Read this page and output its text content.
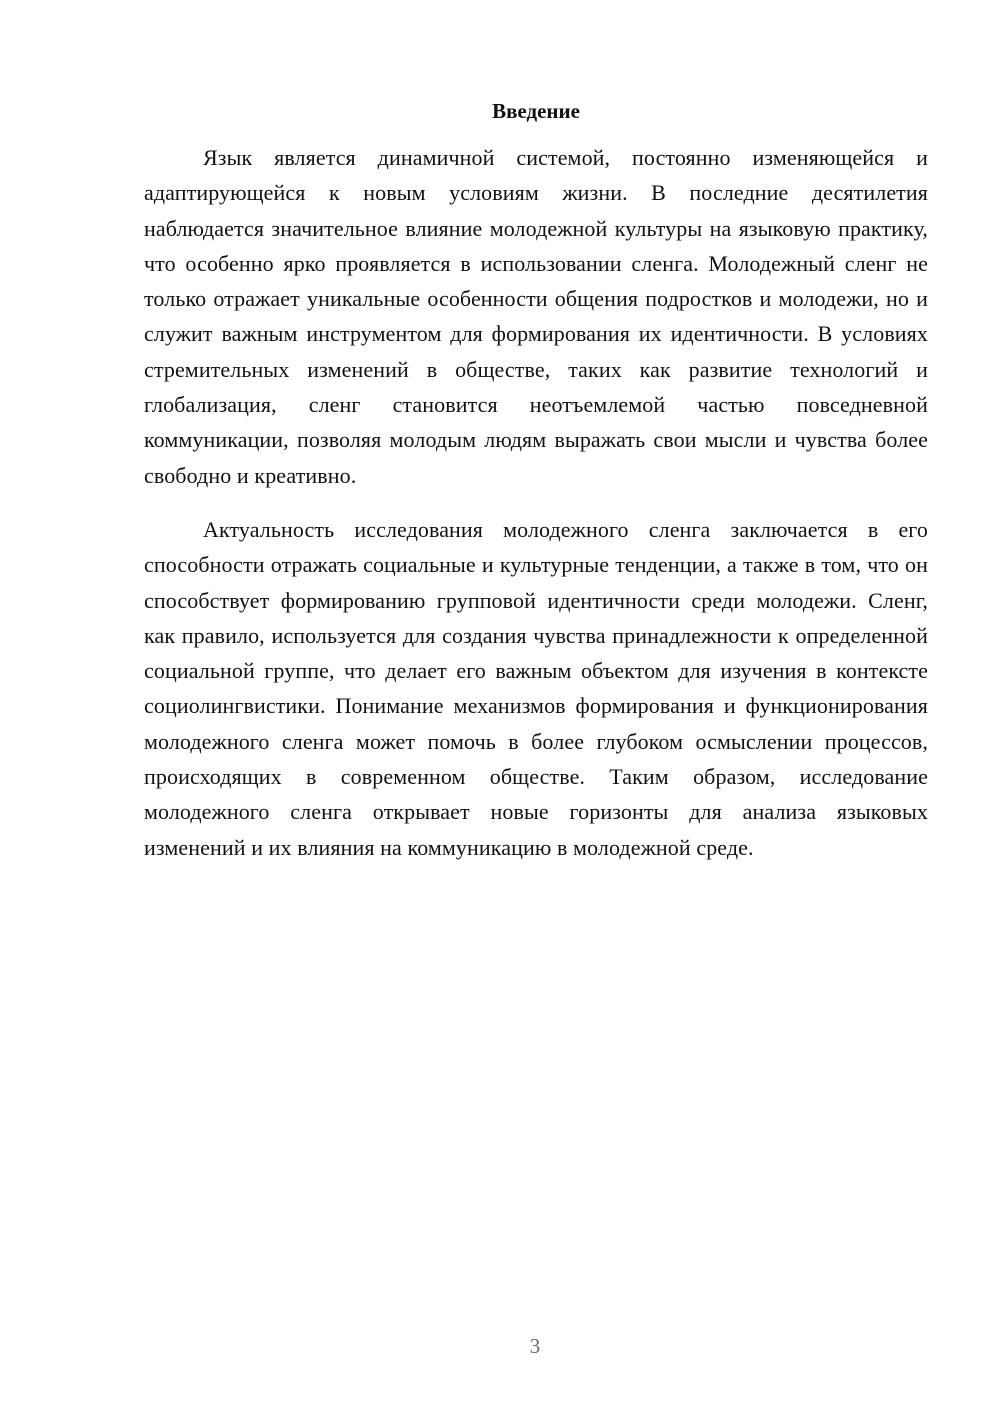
Введение

Язык является динамичной системой, постоянно изменяющейся и адаптирующейся к новым условиям жизни. В последние десятилетия наблюдается значительное влияние молодежной культуры на языковую практику, что особенно ярко проявляется в использовании сленга. Молодежный сленг не только отражает уникальные особенности общения подростков и молодежи, но и служит важным инструментом для формирования их идентичности. В условиях стремительных изменений в обществе, таких как развитие технологий и глобализация, сленг становится неотъемлемой частью повседневной коммуникации, позволяя молодым людям выражать свои мысли и чувства более свободно и креативно.

Актуальность исследования молодежного сленга заключается в его способности отражать социальные и культурные тенденции, а также в том, что он способствует формированию групповой идентичности среди молодежи. Сленг, как правило, используется для создания чувства принадлежности к определенной социальной группе, что делает его важным объектом для изучения в контексте социолингвистики. Понимание механизмов формирования и функционирования молодежного сленга может помочь в более глубоком осмыслении процессов, происходящих в современном обществе. Таким образом, исследование молодежного сленга открывает новые горизонты для анализа языковых изменений и их влияния на коммуникацию в молодежной среде.

3
